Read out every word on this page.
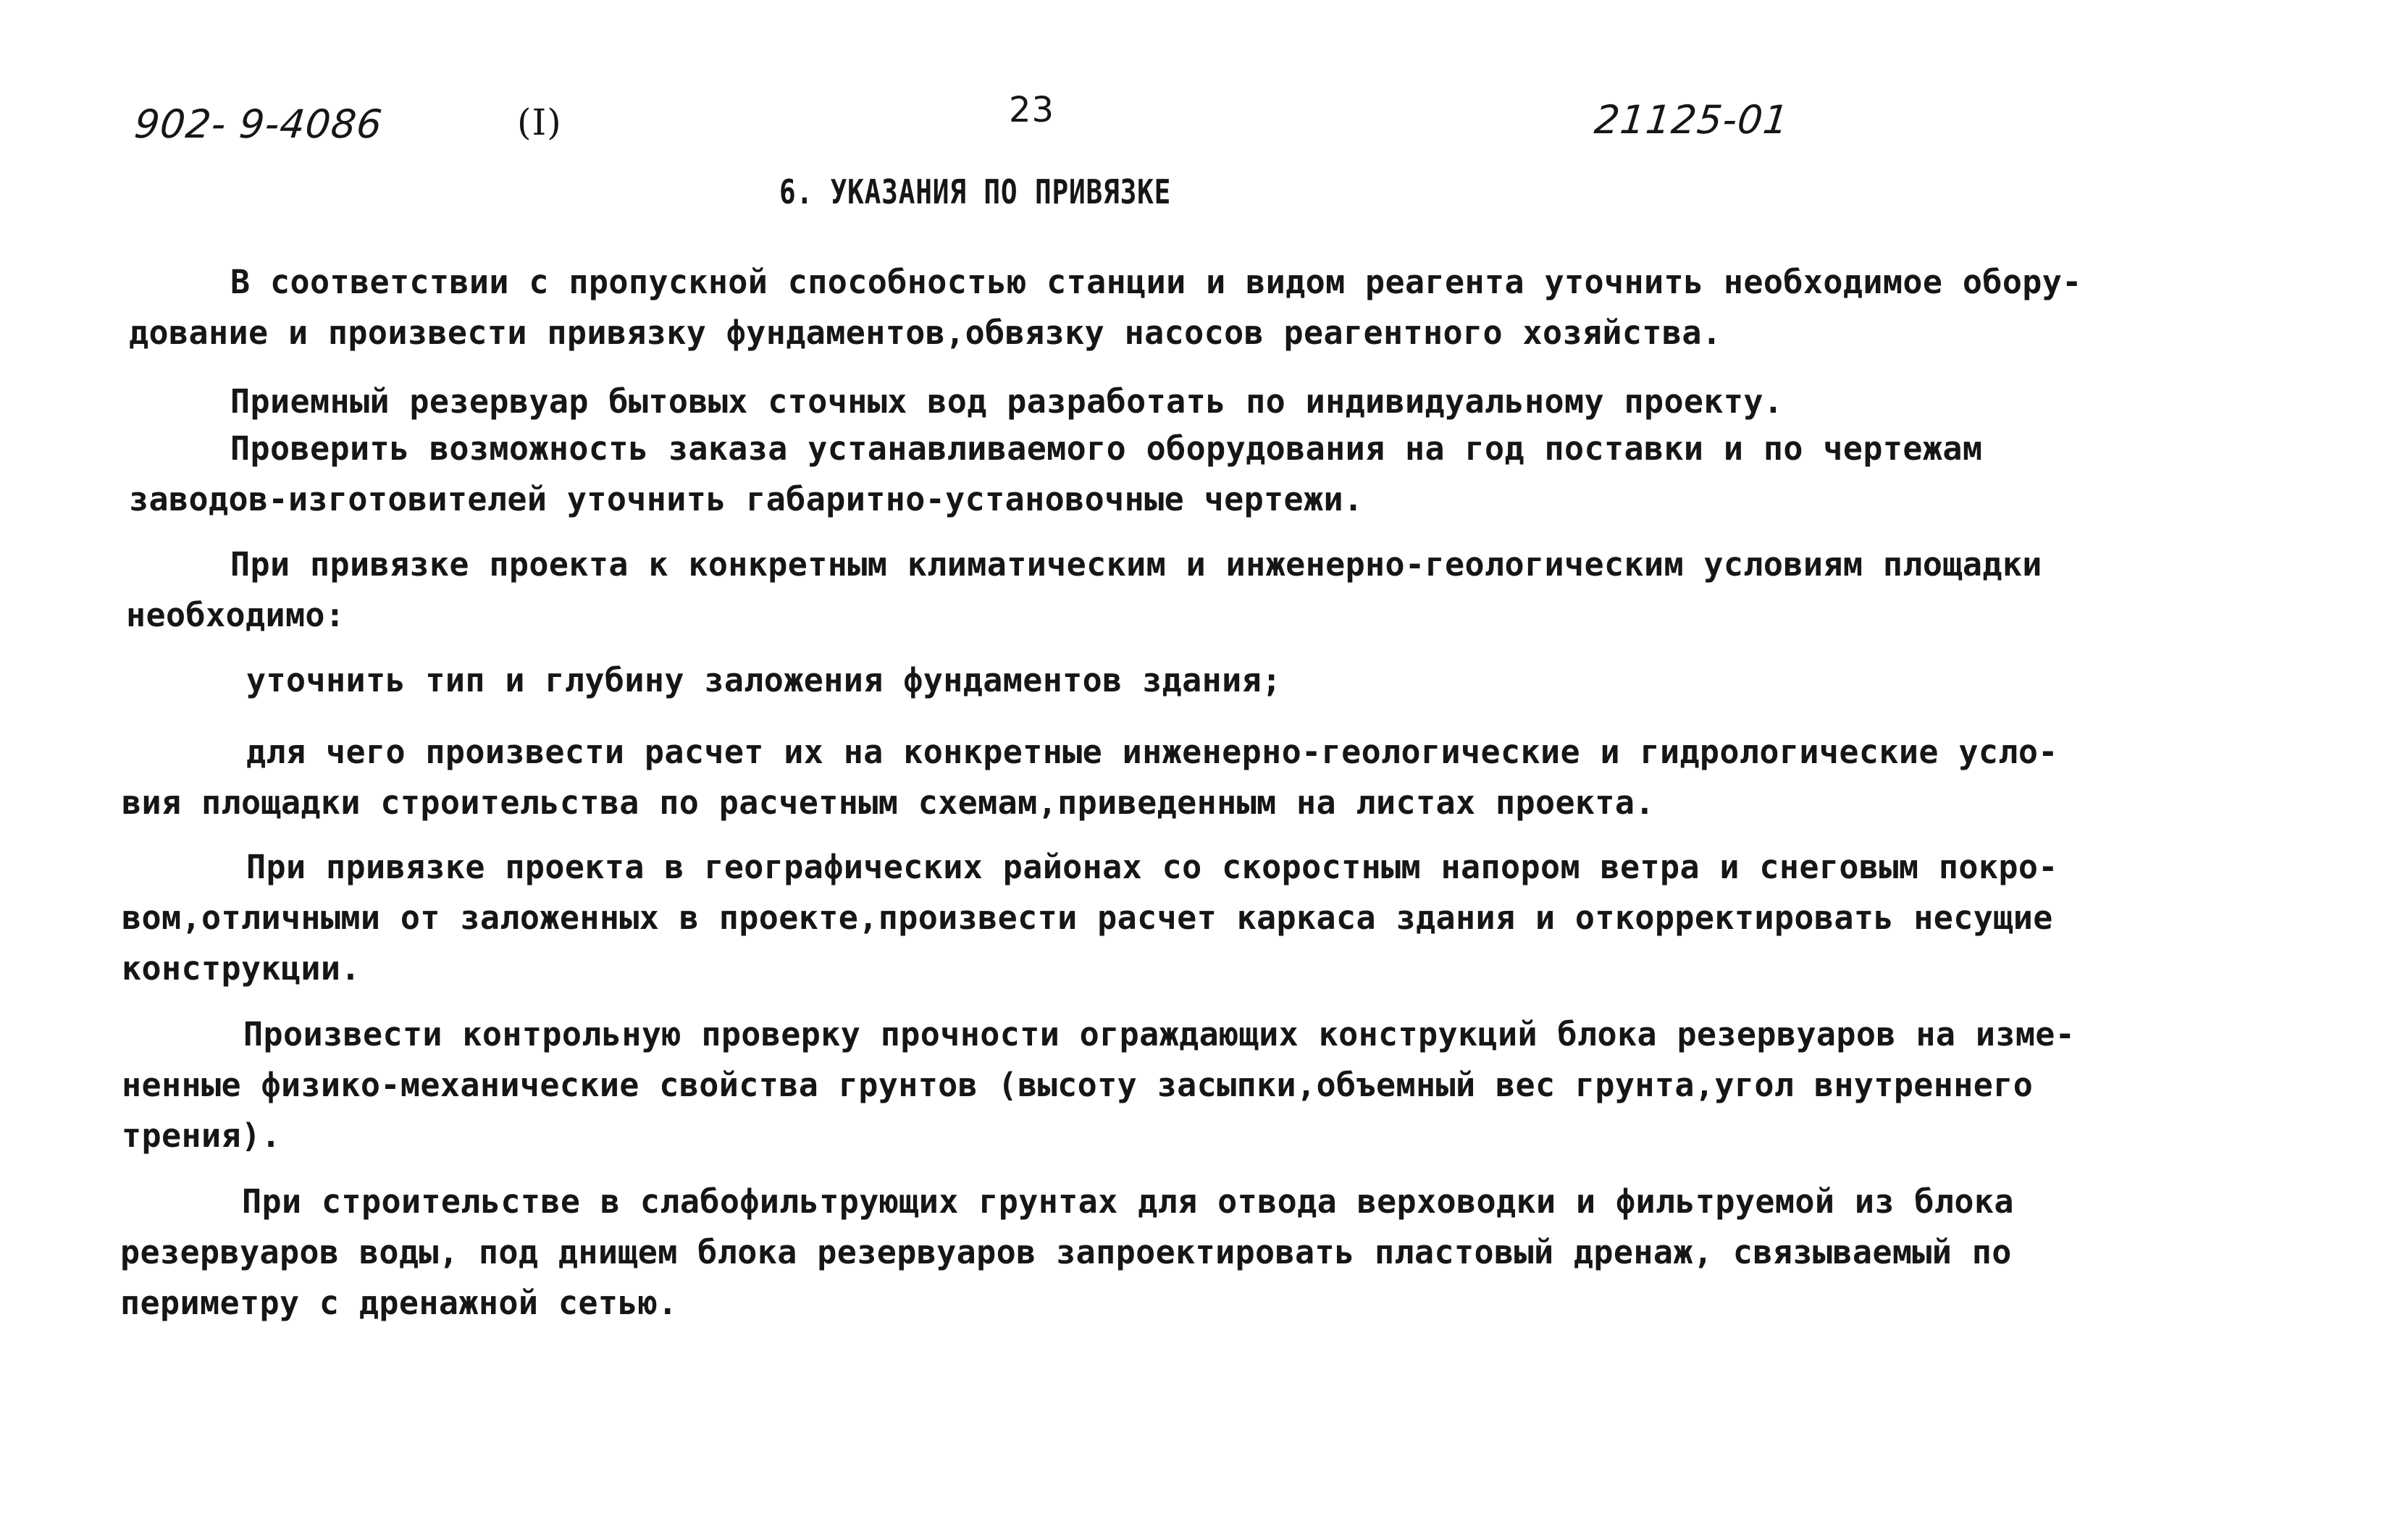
902- 9-4086	(I)	23	21125-01
6. УКАЗАНИЯ ПО ПРИВЯЗКЕ
В соответствии с пропускной способностью станции и видом реагента уточнить необходимое обору-
дование и произвести привязку фундаментов,обвязку насосов реагентного хозяйства.
Приемный резервуар бытовых сточных вод разработать по индивидуальному проекту.
Проверить возможность заказа устанавливаемого оборудования на год поставки и по чертежам
заводов-изготовителей уточнить габаритно-установочные чертежи.
При привязке проекта к конкретным климатическим и инженерно-геологическим условиям площадки
необходимо:
уточнить тип и глубину заложения фундаментов здания;
для чего произвести расчет их на конкретные инженерно-геологические и гидрологические усло-
вия площадки строительства по расчетным схемам,приведенным на листах проекта.
При привязке проекта в географических районах со скоростным напором ветра и снеговым покро-
вом,отличными от заложенных в проекте,произвести расчет каркаса здания и откорректировать несущие
конструкции.
Произвести контрольную проверку прочности ограждающих конструкций блока резервуаров на изме-
ненные физико-механические свойства грунтов (высоту засыпки,объемный вес грунта,угол внутреннего
трения).
При строительстве в слабофильтрующих грунтах для отвода верховодки и фильтруемой из блока
резервуаров воды, под днищем блока резервуаров запроектировать пластовый дренаж, связываемый по
периметру с дренажной сетью.
